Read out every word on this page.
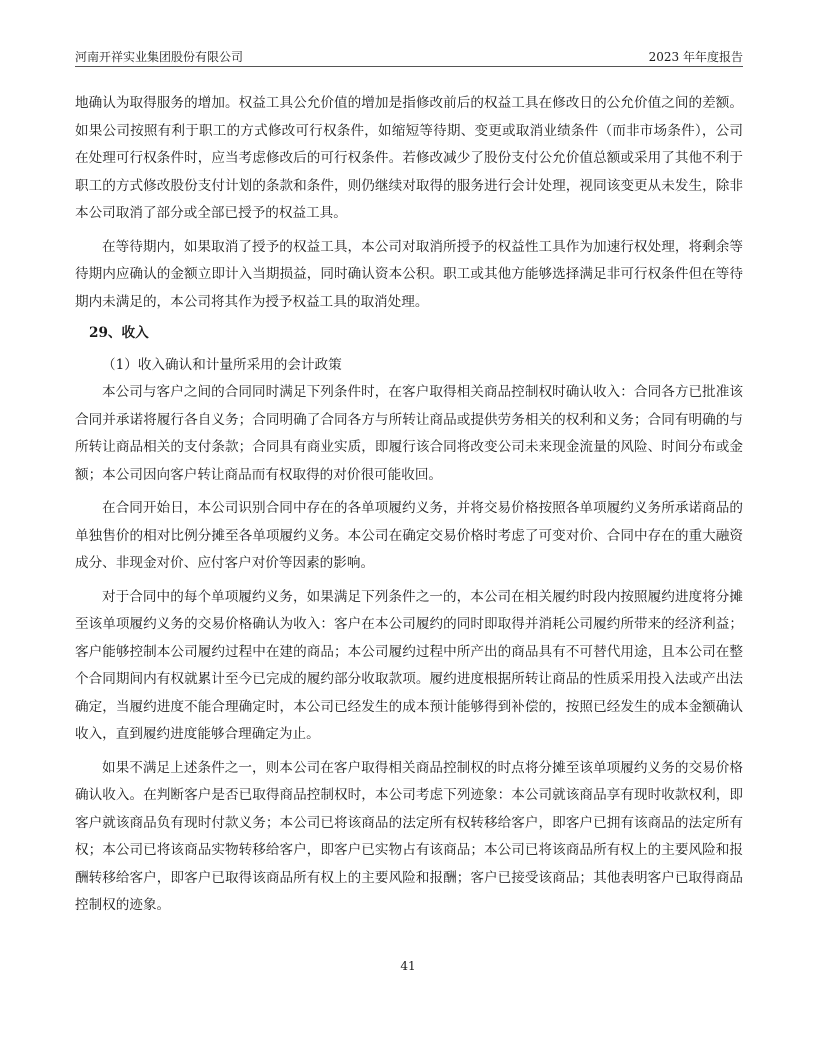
河南开祥实业集团股份有限公司	2023 年年度报告

地确认为取得服务的增加。权益工具公允价值的增加是指修改前后的权益工具在修改日的公允价值之间的差额。如果公司按照有利于职工的方式修改可行权条件，如缩短等待期、变更或取消业绩条件（而非市场条件），公司在处理可行权条件时，应当考虑修改后的可行权条件。若修改减少了股份支付公允价值总额或采用了其他不利于职工的方式修改股份支付计划的条款和条件，则仍继续对取得的服务进行会计处理，视同该变更从未发生，除非本公司取消了部分或全部已授予的权益工具。

在等待期内，如果取消了授予的权益工具，本公司对取消所授予的权益性工具作为加速行权处理，将剩余等待期内应确认的金额立即计入当期损益，同时确认资本公积。职工或其他方能够选择满足非可行权条件但在等待期内未满足的，本公司将其作为授予权益工具的取消处理。

29、收入

（1）收入确认和计量所采用的会计政策

本公司与客户之间的合同同时满足下列条件时，在客户取得相关商品控制权时确认收入：合同各方已批准该合同并承诺将履行各自义务；合同明确了合同各方与所转让商品或提供劳务相关的权利和义务；合同有明确的与所转让商品相关的支付条款；合同具有商业实质，即履行该合同将改变公司未来现金流量的风险、时间分布或金额；本公司因向客户转让商品而有权取得的对价很可能收回。

在合同开始日，本公司识别合同中存在的各单项履约义务，并将交易价格按照各单项履约义务所承诺商品的单独售价的相对比例分摊至各单项履约义务。本公司在确定交易价格时考虑了可变对价、合同中存在的重大融资成分、非现金对价、应付客户对价等因素的影响。

对于合同中的每个单项履约义务，如果满足下列条件之一的，本公司在相关履约时段内按照履约进度将分摊至该单项履约义务的交易价格确认为收入：客户在本公司履约的同时即取得并消耗公司履约所带来的经济利益；客户能够控制本公司履约过程中在建的商品；本公司履约过程中所产出的商品具有不可替代用途，且本公司在整个合同期间内有权就累计至今已完成的履约部分收取款项。履约进度根据所转让商品的性质采用投入法或产出法确定，当履约进度不能合理确定时，本公司已经发生的成本预计能够得到补偿的，按照已经发生的成本金额确认收入，直到履约进度能够合理确定为止。

如果不满足上述条件之一，则本公司在客户取得相关商品控制权的时点将分摊至该单项履约义务的交易价格确认收入。在判断客户是否已取得商品控制权时，本公司考虑下列迹象：本公司就该商品享有现时收款权利，即客户就该商品负有现时付款义务；本公司已将该商品的法定所有权转移给客户，即客户已拥有该商品的法定所有权；本公司已将该商品实物转移给客户，即客户已实物占有该商品；本公司已将该商品所有权上的主要风险和报酬转移给客户，即客户已取得该商品所有权上的主要风险和报酬；客户已接受该商品；其他表明客户已取得商品控制权的迹象。

41
